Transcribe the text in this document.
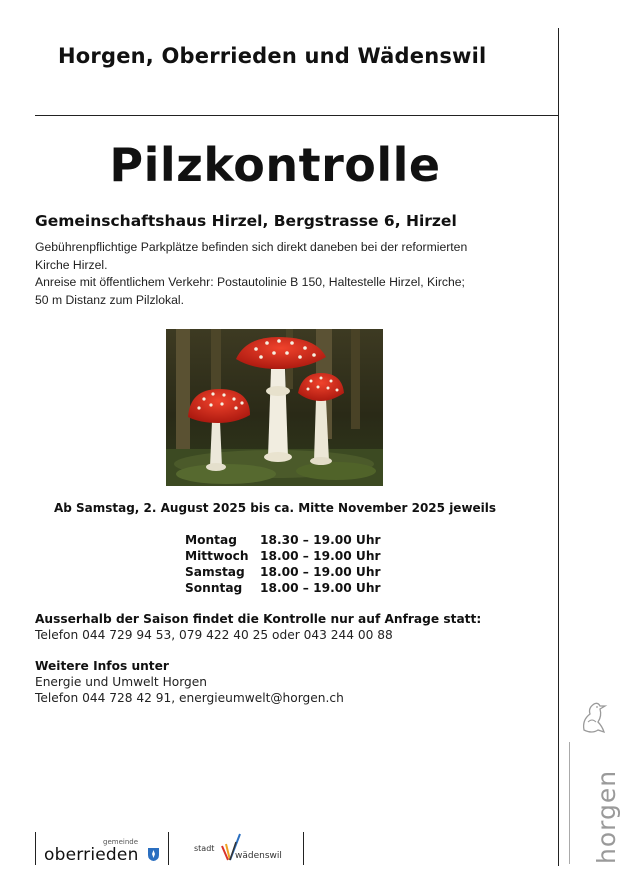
Horgen, Oberrieden und Wädenswil
Pilzkontrolle
Gemeinschaftshaus Hirzel, Bergstrasse 6, Hirzel
Gebührenpflichtige Parkplätze befinden sich direkt daneben bei der reformierten
Kirche Hirzel.
Anreise mit öffentlichem Verkehr: Postautolinie B 150, Haltestelle Hirzel, Kirche;
50 m Distanz zum Pilzlokal.
Ab Samstag, 2. August 2025 bis ca. Mitte November 2025 jeweils
Montag	18.30 – 19.00 Uhr
Mittwoch 18.00 – 19.00 Uhr
Samstag	18.00 – 19.00 Uhr
Sonntag	18.00 – 19.00 Uhr
Ausserhalb der Saison findet die Kontrolle nur auf Anfrage statt:
Telefon 044 729 94 53, 079 422 40 25 oder 043 244 00 88
Weitere Infos unter
Energie und Umwelt Horgen
Telefon 044 728 42 91, energieumwelt@horgen.ch
gemeinde
oberrieden	stadt
wädenswil	horgen
